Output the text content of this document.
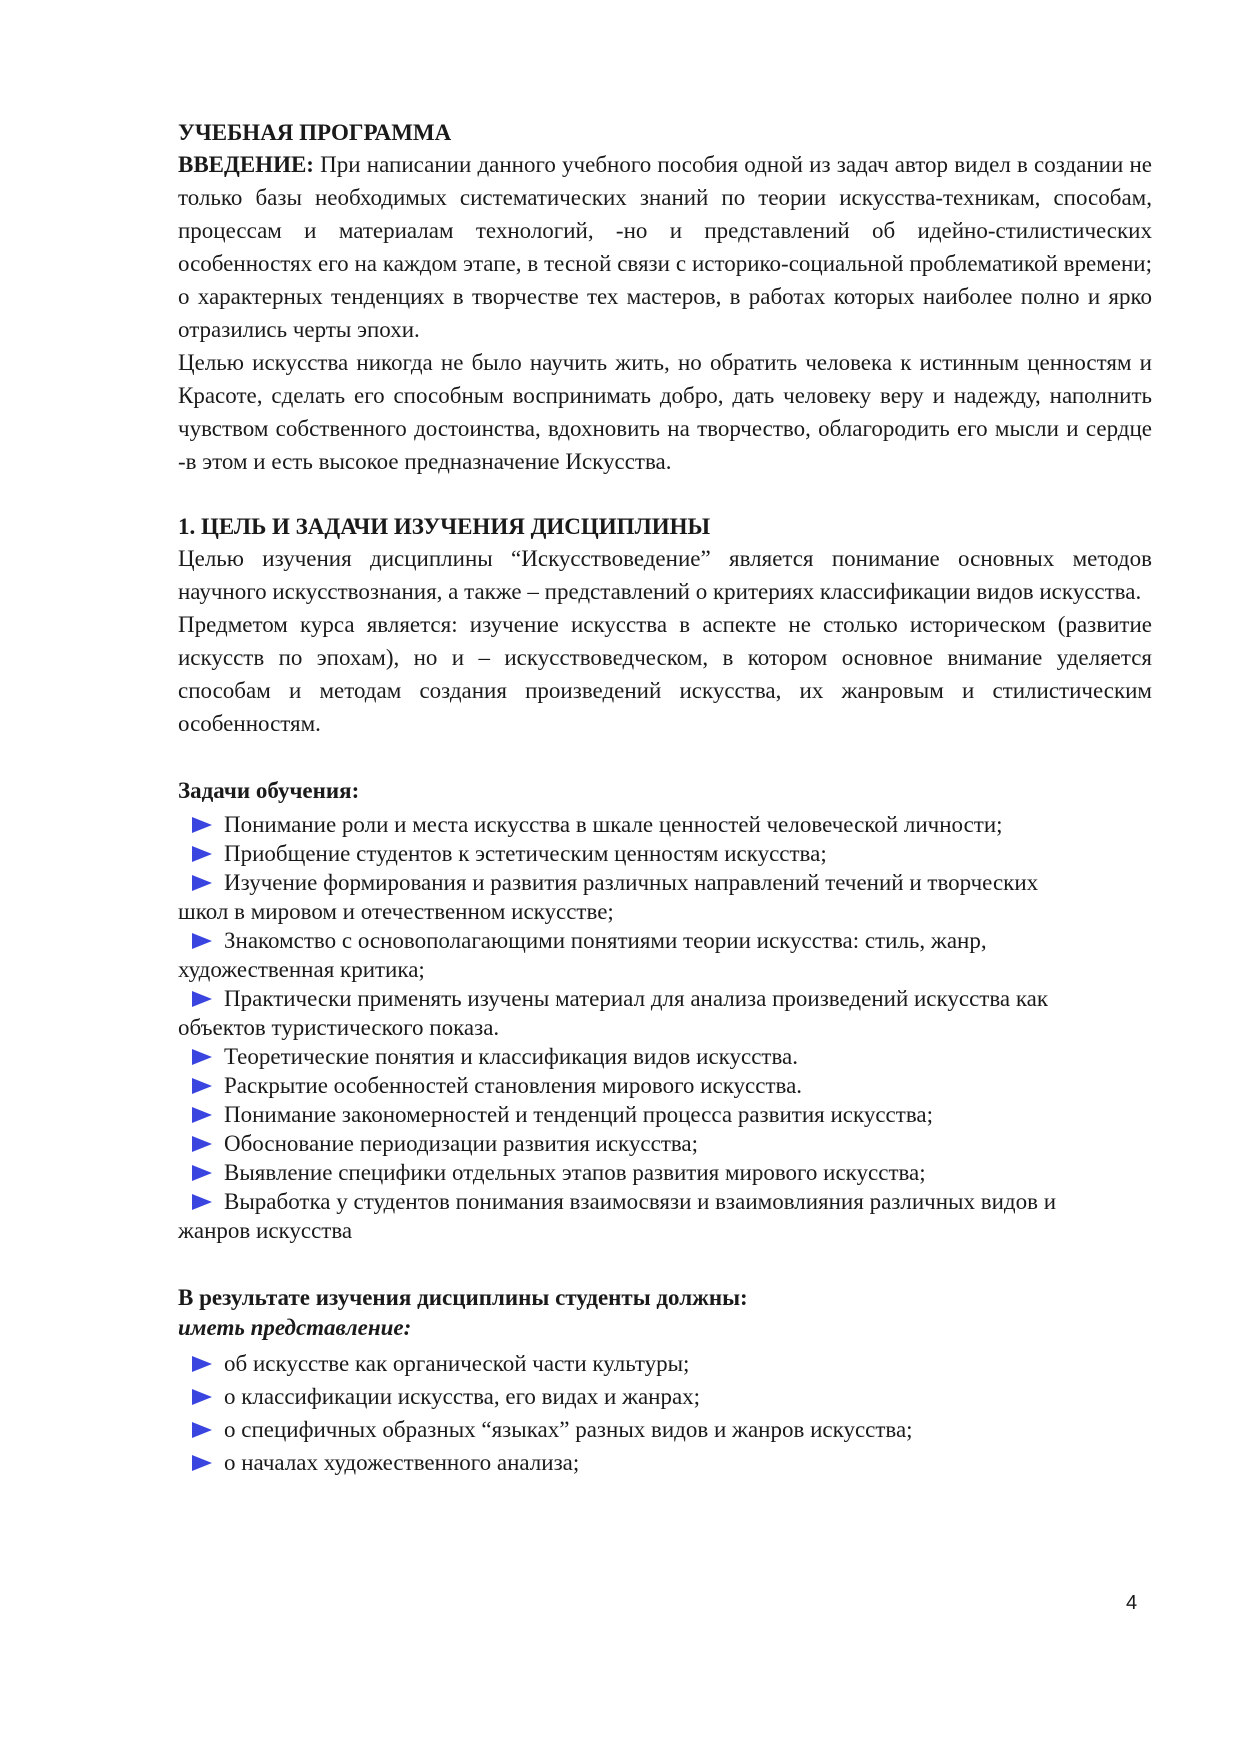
УЧЕБНАЯ ПРОГРАММА

ВВЕДЕНИЕ: При написании данного учебного пособия одной из задач автор видел в создании не только базы необходимых систематических знаний по теории искусства-техникам, способам, процессам и материалам технологий, -но и представлений об идейно-стилистических особенностях его на каждом этапе, в тесной связи с историко-социальной проблематикой времени; о характерных тенденциях в творчестве тех мастеров, в работах которых наиболее полно и ярко отразились черты эпохи.

Целью искусства никогда не было научить жить, но обратить человека к истинным ценностям и Красоте, сделать его способным воспринимать добро, дать человеку веру и надежду, наполнить чувством собственного достоинства, вдохновить на творчество, облагородить его мысли и сердце -в этом и есть высокое предназначение Искусства.

1. ЦЕЛЬ И ЗАДАЧИ ИЗУЧЕНИЯ ДИСЦИПЛИНЫ

Целью изучения дисциплины “Искусствоведение” является понимание основных методов научного искусствознания, а также – представлений о критериях классификации видов искусства.

Предметом курса является: изучение искусства в аспекте не столько историческом (развитие искусств по эпохам), но и – искусствоведческом, в котором основное внимание уделяется способам и методам создания произведений искусства, их жанровым и стилистическим особенностям.

Задачи обучения:
Понимание роли и места искусства в шкале ценностей человеческой личности;
Приобщение студентов к эстетическим ценностям искусства;
Изучение формирования и развития различных направлений течений и творческих
школ в мировом и отечественном искусстве;
Знакомство с основополагающими понятиями теории искусства: стиль, жанр,
художественная критика;
Практически применять изучены материал для анализа произведений искусства как
объектов туристического показа.
Теоретические понятия и классификация видов искусства.
Раскрытие особенностей становления мирового искусства.
Понимание закономерностей и тенденций процесса развития искусства;
Обоснование периодизации развития искусства;
Выявление специфики отдельных этапов развития мирового искусства;
Выработка у студентов понимания взаимосвязи и взаимовлияния различных видов и
жанров искусства
В результате изучения дисциплины студенты должны:
иметь представление:
об искусстве как органической части культуры;
о классификации искусства, его видах и жанрах;
о специфичных образных “языках” разных видов и жанров искусства;
о началах художественного анализа;
4
